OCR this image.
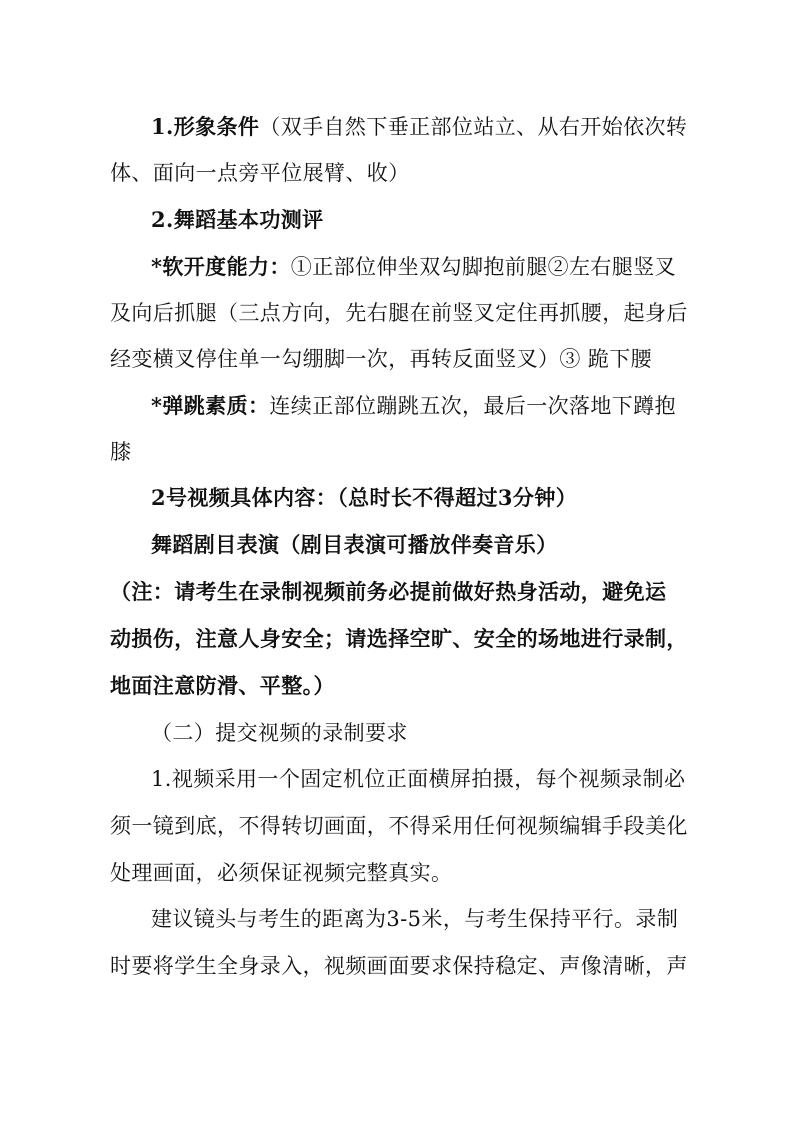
1.形象条件（双手自然下垂正部位站立、从右开始依次转

体、面向一点旁平位展臂、收）

2.舞蹈基本功测评

*软开度能力：①正部位伸坐双勾脚抱前腿②左右腿竖叉

及向后抓腿（三点方向，先右腿在前竖叉定住再抓腰，起身后

经变横叉停住单一勾绷脚一次，再转反面竖叉）③ 跪下腰

*弹跳素质：连续正部位蹦跳五次，最后一次落地下蹲抱

膝

2号视频具体内容：（总时长不得超过3分钟）

舞蹈剧目表演（剧目表演可播放伴奏音乐）

（注：请考生在录制视频前务必提前做好热身活动，避免运

动损伤，注意人身安全；请选择空旷、安全的场地进行录制，

地面注意防滑、平整。）

（二）提交视频的录制要求

1.视频采用一个固定机位正面横屏拍摄，每个视频录制必

须一镜到底，不得转切画面，不得采用任何视频编辑手段美化

处理画面，必须保证视频完整真实。

建议镜头与考生的距离为3-5米，与考生保持平行。录制

时要将学生全身录入，视频画面要求保持稳定、声像清晰，声
